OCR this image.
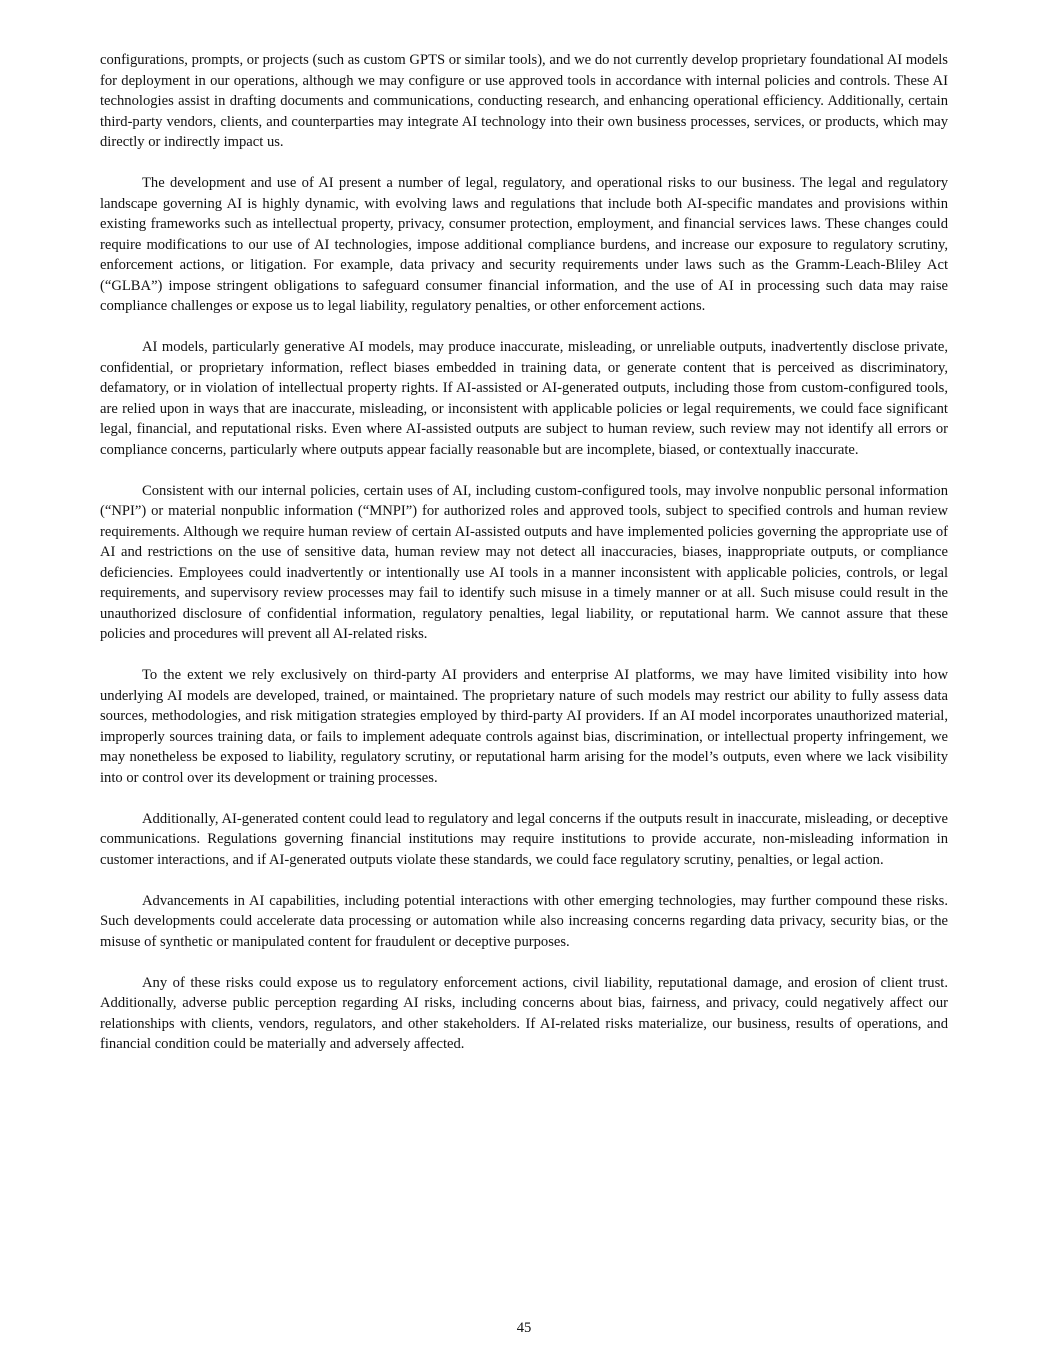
configurations, prompts, or projects (such as custom GPTS or similar tools), and we do not currently develop proprietary foundational AI models for deployment in our operations, although we may configure or use approved tools in accordance with internal policies and controls. These AI technologies assist in drafting documents and communications, conducting research, and enhancing operational efficiency. Additionally, certain third-party vendors, clients, and counterparties may integrate AI technology into their own business processes, services, or products, which may directly or indirectly impact us.

The development and use of AI present a number of legal, regulatory, and operational risks to our business. The legal and regulatory landscape governing AI is highly dynamic, with evolving laws and regulations that include both AI-specific mandates and provisions within existing frameworks such as intellectual property, privacy, consumer protection, employment, and financial services laws. These changes could require modifications to our use of AI technologies, impose additional compliance burdens, and increase our exposure to regulatory scrutiny, enforcement actions, or litigation. For example, data privacy and security requirements under laws such as the Gramm-Leach-Bliley Act (“GLBA”) impose stringent obligations to safeguard consumer financial information, and the use of AI in processing such data may raise compliance challenges or expose us to legal liability, regulatory penalties, or other enforcement actions.

AI models, particularly generative AI models, may produce inaccurate, misleading, or unreliable outputs, inadvertently disclose private, confidential, or proprietary information, reflect biases embedded in training data, or generate content that is perceived as discriminatory, defamatory, or in violation of intellectual property rights. If AI-assisted or AI-generated outputs, including those from custom-configured tools, are relied upon in ways that are inaccurate, misleading, or inconsistent with applicable policies or legal requirements, we could face significant legal, financial, and reputational risks. Even where AI-assisted outputs are subject to human review, such review may not identify all errors or compliance concerns, particularly where outputs appear facially reasonable but are incomplete, biased, or contextually inaccurate.

Consistent with our internal policies, certain uses of AI, including custom-configured tools, may involve nonpublic personal information (“NPI”) or material nonpublic information (“MNPI”) for authorized roles and approved tools, subject to specified controls and human review requirements. Although we require human review of certain AI-assisted outputs and have implemented policies governing the appropriate use of AI and restrictions on the use of sensitive data, human review may not detect all inaccuracies, biases, inappropriate outputs, or compliance deficiencies. Employees could inadvertently or intentionally use AI tools in a manner inconsistent with applicable policies, controls, or legal requirements, and supervisory review processes may fail to identify such misuse in a timely manner or at all. Such misuse could result in the unauthorized disclosure of confidential information, regulatory penalties, legal liability, or reputational harm. We cannot assure that these policies and procedures will prevent all AI-related risks.

To the extent we rely exclusively on third-party AI providers and enterprise AI platforms, we may have limited visibility into how underlying AI models are developed, trained, or maintained. The proprietary nature of such models may restrict our ability to fully assess data sources, methodologies, and risk mitigation strategies employed by third-party AI providers. If an AI model incorporates unauthorized material, improperly sources training data, or fails to implement adequate controls against bias, discrimination, or intellectual property infringement, we may nonetheless be exposed to liability, regulatory scrutiny, or reputational harm arising for the model’s outputs, even where we lack visibility into or control over its development or training processes.

Additionally, AI-generated content could lead to regulatory and legal concerns if the outputs result in inaccurate, misleading, or deceptive communications. Regulations governing financial institutions may require institutions to provide accurate, non-misleading information in customer interactions, and if AI-generated outputs violate these standards, we could face regulatory scrutiny, penalties, or legal action.

Advancements in AI capabilities, including potential interactions with other emerging technologies, may further compound these risks. Such developments could accelerate data processing or automation while also increasing concerns regarding data privacy, security bias, or the misuse of synthetic or manipulated content for fraudulent or deceptive purposes.

Any of these risks could expose us to regulatory enforcement actions, civil liability, reputational damage, and erosion of client trust. Additionally, adverse public perception regarding AI risks, including concerns about bias, fairness, and privacy, could negatively affect our relationships with clients, vendors, regulators, and other stakeholders. If AI-related risks materialize, our business, results of operations, and financial condition could be materially and adversely affected.

45
